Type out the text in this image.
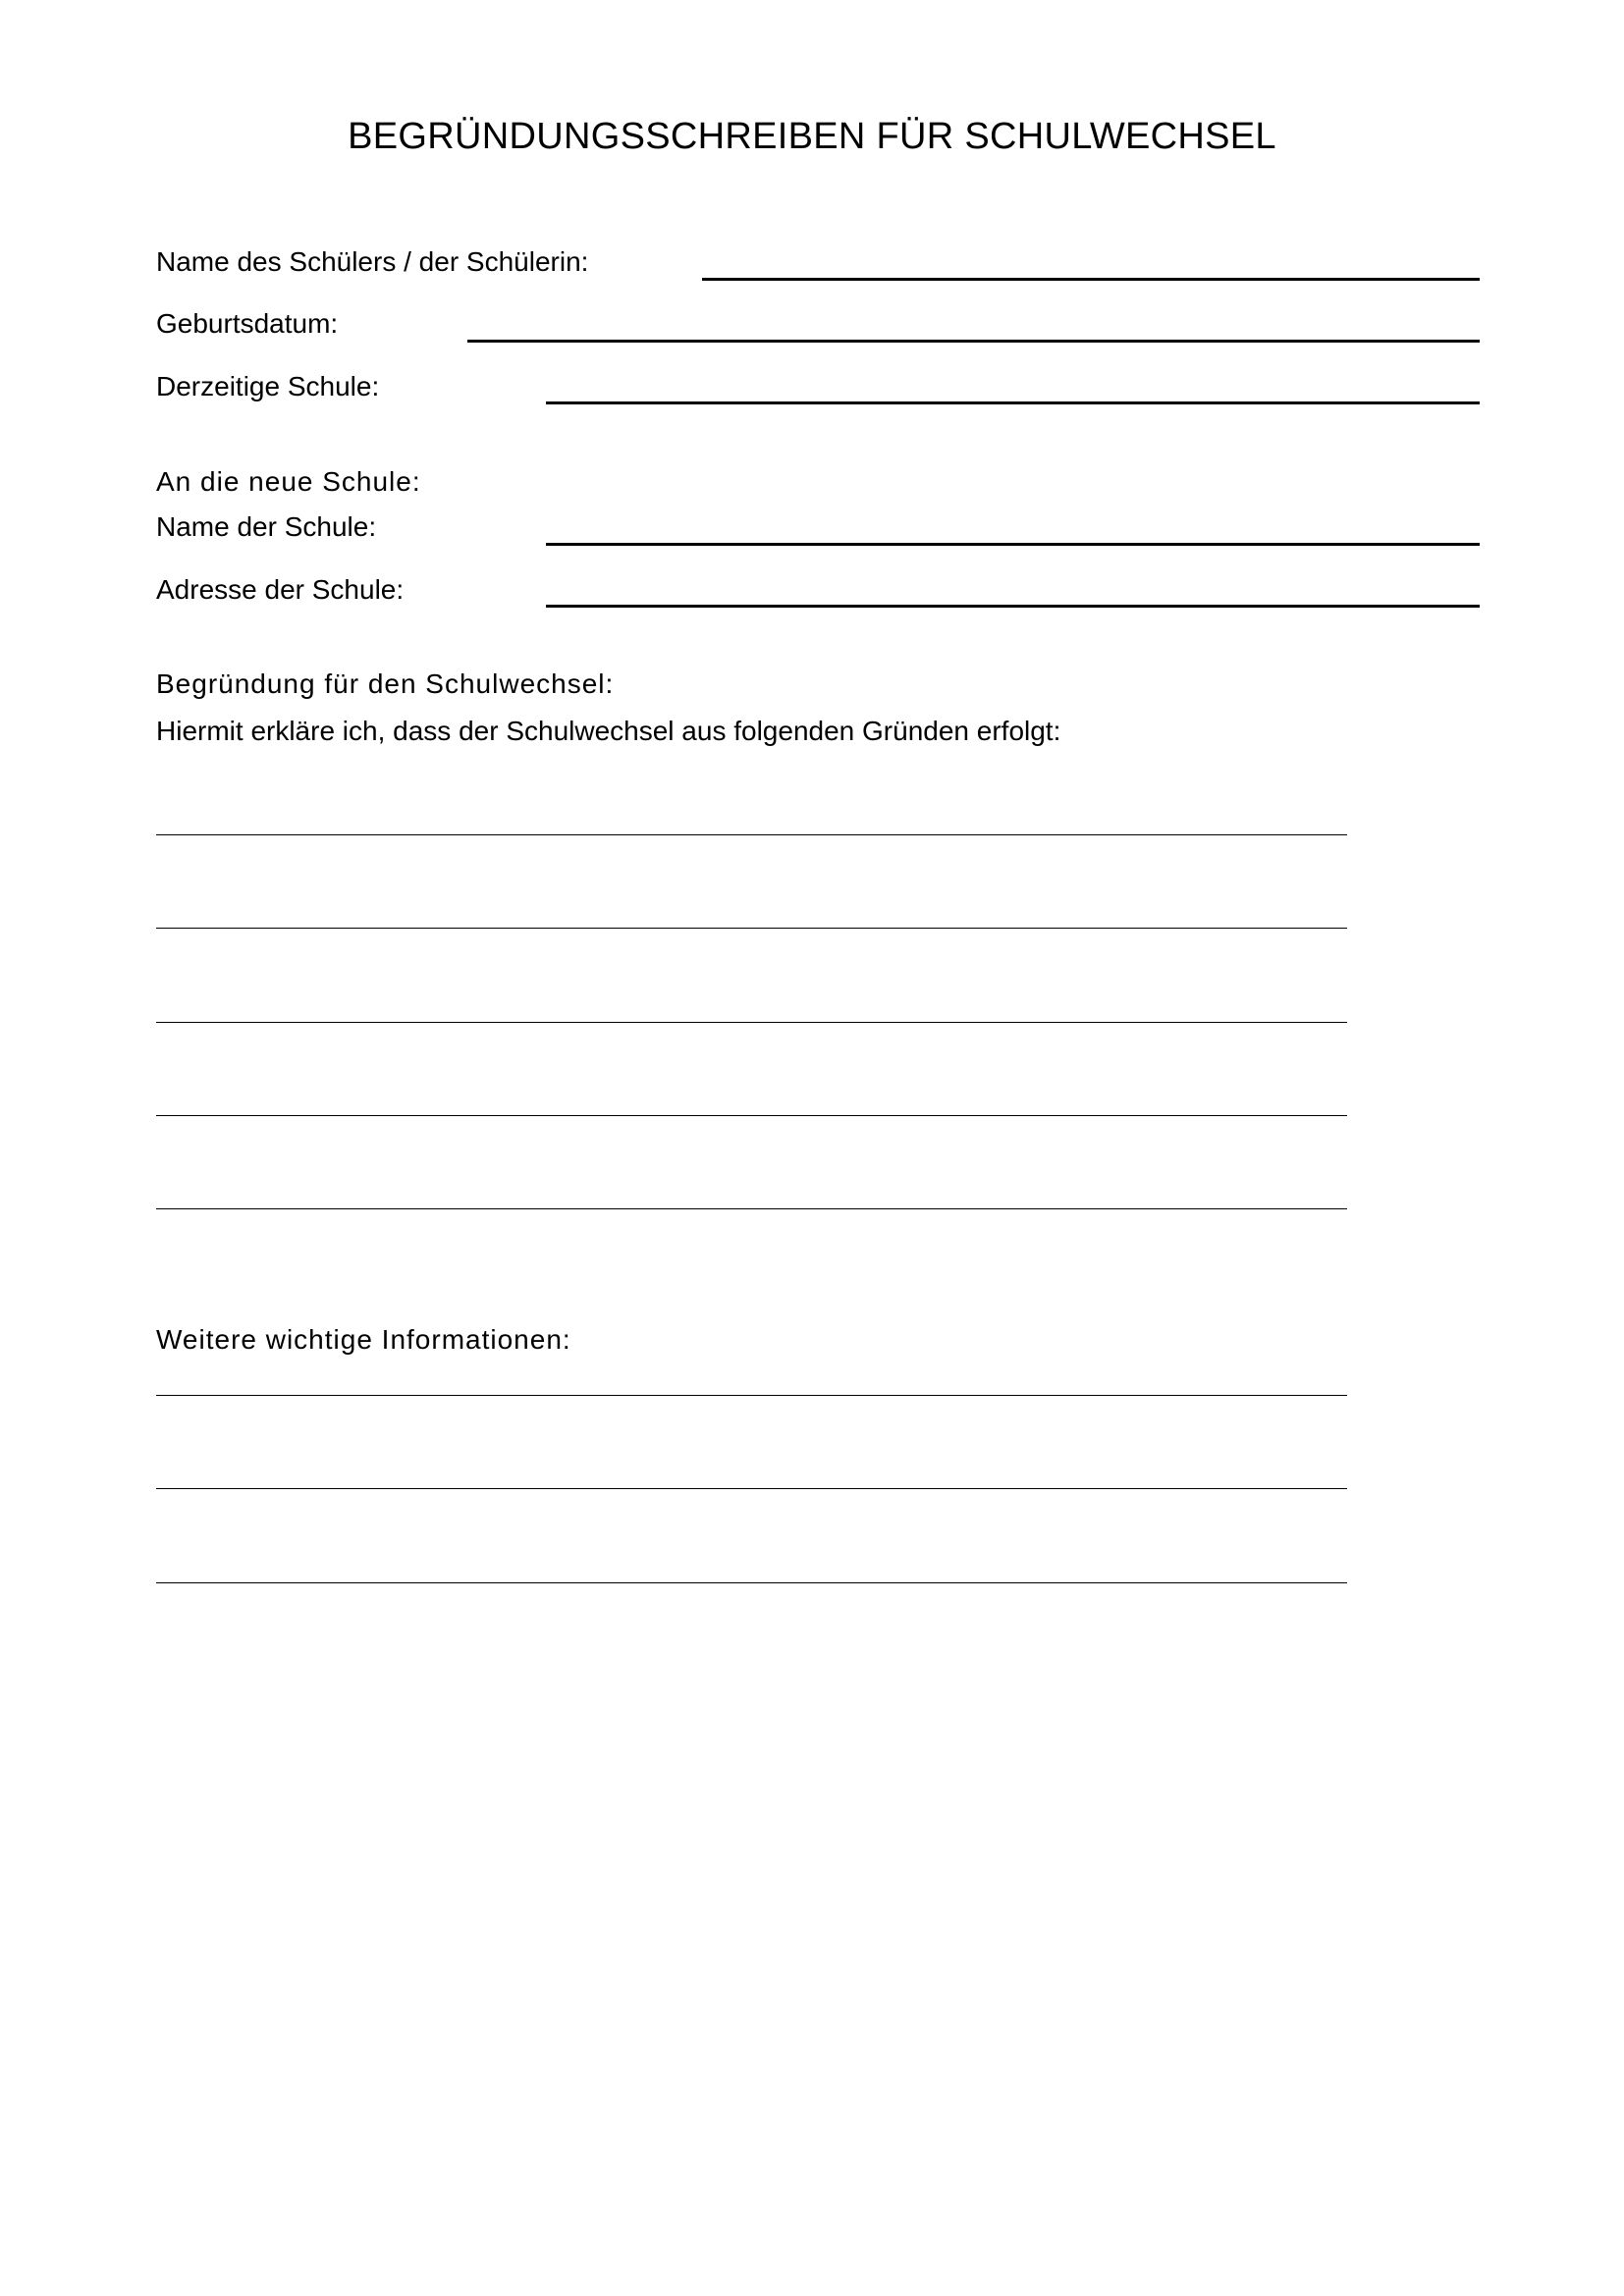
BEGRÜNDUNGSSCHREIBEN FÜR SCHULWECHSEL
Name des Schülers / der Schülerin:
Geburtsdatum:
Derzeitige Schule:
An die neue Schule:
Name der Schule:
Adresse der Schule:
Begründung für den Schulwechsel:
Hiermit erkläre ich, dass der Schulwechsel aus folgenden Gründen erfolgt:
Weitere wichtige Informationen:
